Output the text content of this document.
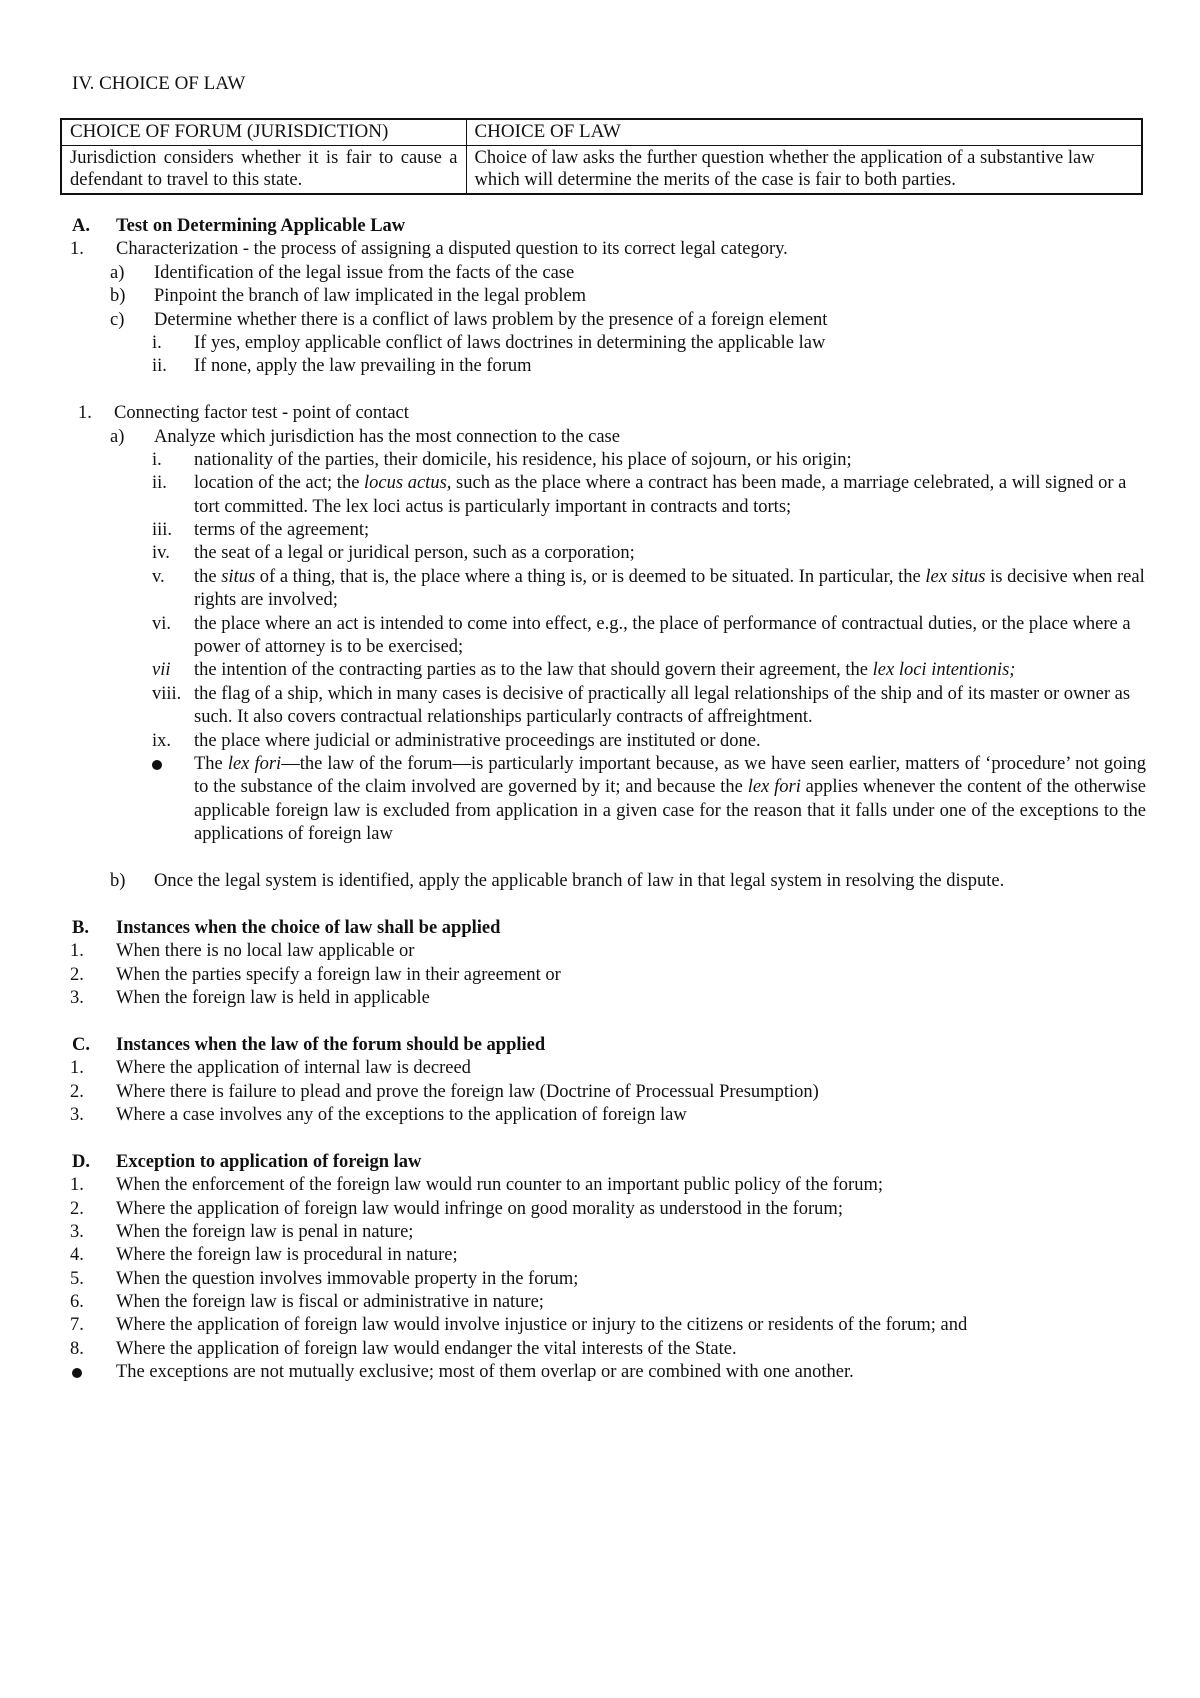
IV. CHOICE OF LAW
CHOICE OF FORUM (JURISDICTION)	CHOICE OF LAW
Jurisdiction considers whether it is fair to cause a defendant to travel to this state.	Choice of law asks the further question whether the application of a substantive law which will determine the merits of the case is fair to both parties.
A. Test on Determining Applicable Law
1. Characterization - the process of assigning a disputed question to its correct legal category.
a) Identification of the legal issue from the facts of the case
b) Pinpoint the branch of law implicated in the legal problem
c) Determine whether there is a conflict of laws problem by the presence of a foreign element
i. If yes, employ applicable conflict of laws doctrines in determining the applicable law
ii. If none, apply the law prevailing in the forum
1. Connecting factor test - point of contact
a) Analyze which jurisdiction has the most connection to the case
i. nationality of the parties, their domicile, his residence, his place of sojourn, or his origin;
ii. location of the act; the locus actus, such as the place where a contract has been made, a marriage celebrated, a will signed or a tort committed. The lex loci actus is particularly important in contracts and torts;
iii. terms of the agreement;
iv. the seat of a legal or juridical person, such as a corporation;
v. the situs of a thing, that is, the place where a thing is, or is deemed to be situated. In particular, the lex situs is decisive when real rights are involved;
vi. the place where an act is intended to come into effect, e.g., the place of performance of contractual duties, or the place where a power of attorney is to be exercised;
vii the intention of the contracting parties as to the law that should govern their agreement, the lex loci intentionis;
viii. the flag of a ship, which in many cases is decisive of practically all legal relationships of the ship and of its master or owner as such. It also covers contractual relationships particularly contracts of affreightment.
ix. the place where judicial or administrative proceedings are instituted or done.
The lex fori—the law of the forum—is particularly important because, as we have seen earlier, matters of ‘procedure’ not going to the substance of the claim involved are governed by it; and because the lex fori applies whenever the content of the otherwise applicable foreign law is excluded from application in a given case for the reason that it falls under one of the exceptions to the applications of foreign law
b) Once the legal system is identified, apply the applicable branch of law in that legal system in resolving the dispute.
B. Instances when the choice of law shall be applied
1. When there is no local law applicable or
2. When the parties specify a foreign law in their agreement or
3. When the foreign law is held in applicable
C. Instances when the law of the forum should be applied
1. Where the application of internal law is decreed
2. Where there is failure to plead and prove the foreign law (Doctrine of Processual Presumption)
3. Where a case involves any of the exceptions to the application of foreign law
D. Exception to application of foreign law
1. When the enforcement of the foreign law would run counter to an important public policy of the forum;
2. Where the application of foreign law would infringe on good morality as understood in the forum;
3. When the foreign law is penal in nature;
4. Where the foreign law is procedural in nature;
5. When the question involves immovable property in the forum;
6. When the foreign law is fiscal or administrative in nature;
7. Where the application of foreign law would involve injustice or injury to the citizens or residents of the forum; and
8. Where the application of foreign law would endanger the vital interests of the State.
The exceptions are not mutually exclusive; most of them overlap or are combined with one another.
